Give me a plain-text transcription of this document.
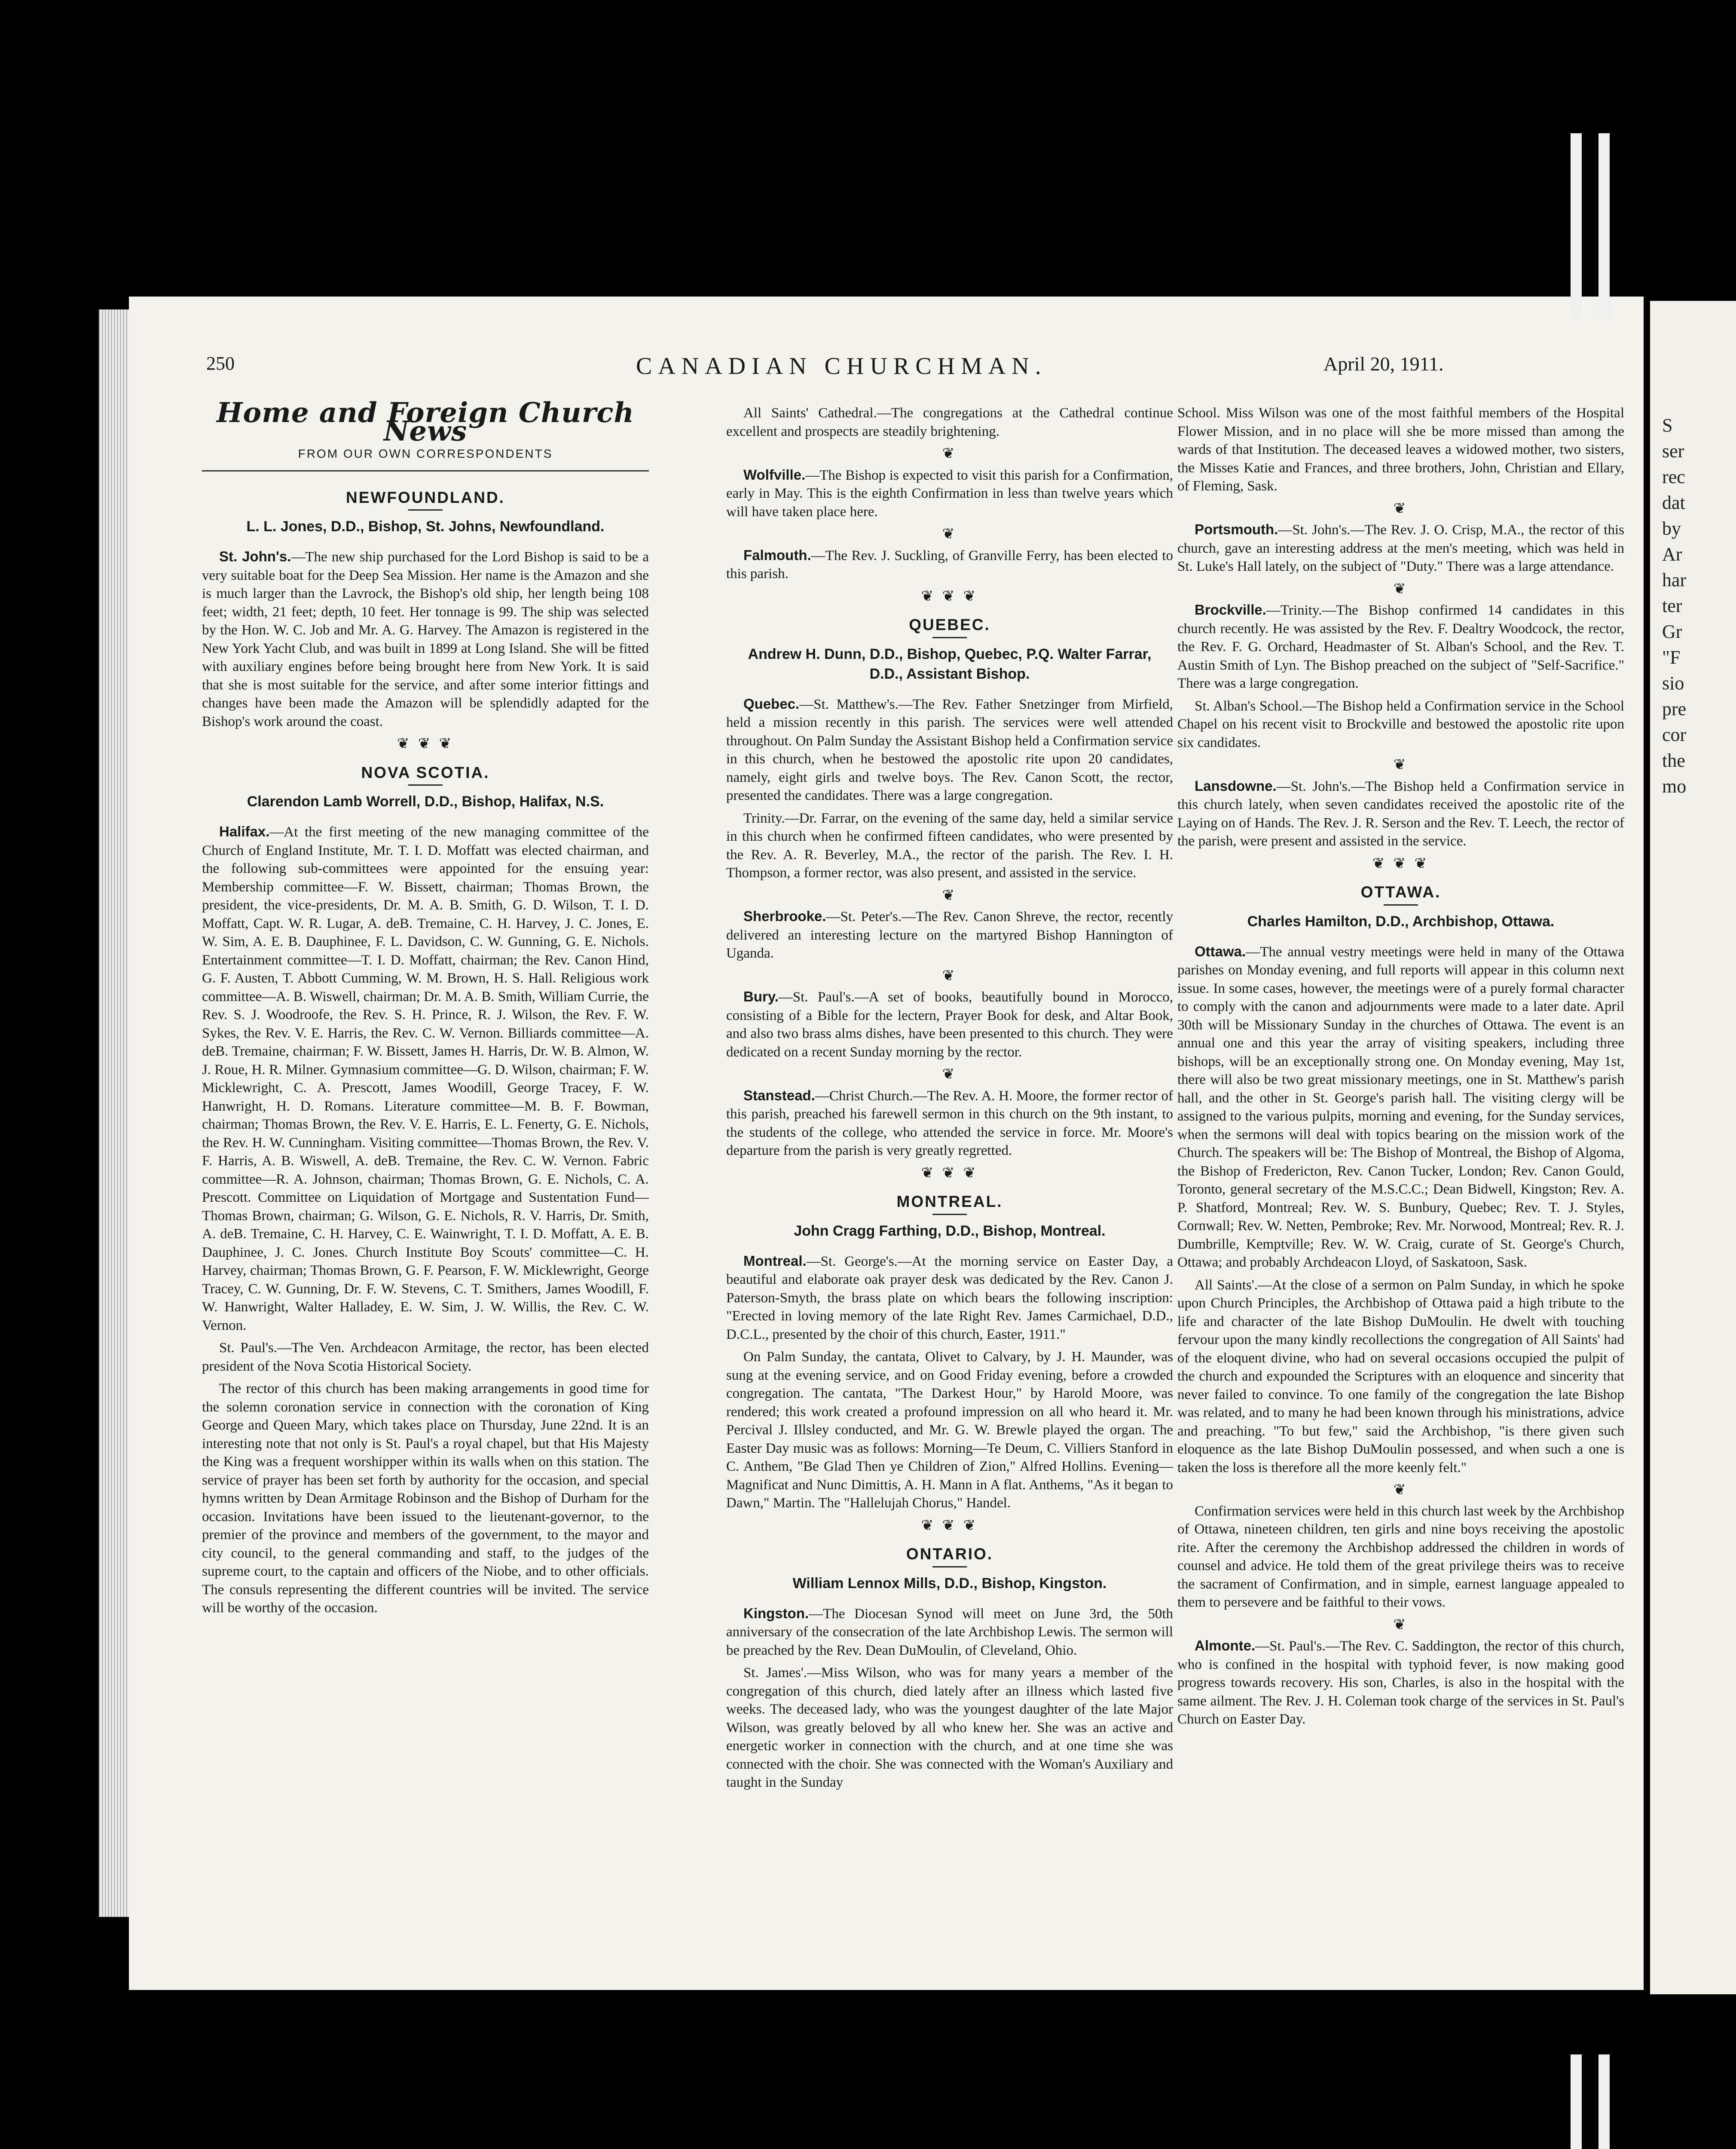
S
ser
rec
dat
by
Ar
har
ter
Gr
"F
sio
pre
cor
the
mo
250	CANADIAN CHURCHMAN.	April 20, 1911.
Home and Foreign Church News
FROM OUR OWN CORRESPONDENTS
NEWFOUNDLAND.
L. L. Jones, D.D., Bishop, St. Johns, Newfoundland.

St. John's.—The new ship purchased for the Lord Bishop is said to be a very suitable boat for the Deep Sea Mission. Her name is the Amazon and she is much larger than the Lavrock, the Bishop's old ship, her length being 108 feet; width, 21 feet; depth, 10 feet. Her tonnage is 99. The ship was selected by the Hon. W. C. Job and Mr. A. G. Harvey. The Amazon is registered in the New York Yacht Club, and was built in 1899 at Long Island. She will be fitted with auxiliary engines before being brought here from New York. It is said that she is most suitable for the service, and after some interior fittings and changes have been made the Amazon will be splendidly adapted for the Bishop's work around the coast.

❦ ❦ ❦
NOVA SCOTIA.
Clarendon Lamb Worrell, D.D., Bishop, Halifax, N.S.

Halifax.—At the first meeting of the new managing committee of the Church of England Institute, Mr. T. I. D. Moffatt was elected chairman, and the following sub-committees were appointed for the ensuing year: Membership committee—F. W. Bissett, chairman; Thomas Brown, the president, the vice-presidents, Dr. M. A. B. Smith, G. D. Wilson, T. I. D. Moffatt, Capt. W. R. Lugar, A. deB. Tremaine, C. H. Harvey, J. C. Jones, E. W. Sim, A. E. B. Dauphinee, F. L. Davidson, C. W. Gunning, G. E. Nichols. Entertainment committee—T. I. D. Moffatt, chairman; the Rev. Canon Hind, G. F. Austen, T. Abbott Cumming, W. M. Brown, H. S. Hall. Religious work committee—A. B. Wiswell, chairman; Dr. M. A. B. Smith, William Currie, the Rev. S. J. Woodroofe, the Rev. S. H. Prince, R. J. Wilson, the Rev. F. W. Sykes, the Rev. V. E. Harris, the Rev. C. W. Vernon. Billiards committee—A. deB. Tremaine, chairman; F. W. Bissett, James H. Harris, Dr. W. B. Almon, W. J. Roue, H. R. Milner. Gymnasium committee—G. D. Wilson, chairman; F. W. Micklewright, C. A. Prescott, James Woodill, George Tracey, F. W. Hanwright, H. D. Romans. Literature committee—M. B. F. Bowman, chairman; Thomas Brown, the Rev. V. E. Harris, E. L. Fenerty, G. E. Nichols, the Rev. H. W. Cunningham. Visiting committee—Thomas Brown, the Rev. V. F. Harris, A. B. Wiswell, A. deB. Tremaine, the Rev. C. W. Vernon. Fabric committee—R. A. Johnson, chairman; Thomas Brown, G. E. Nichols, C. A. Prescott. Committee on Liquidation of Mortgage and Sustentation Fund—Thomas Brown, chairman; G. Wilson, G. E. Nichols, R. V. Harris, Dr. Smith, A. deB. Tremaine, C. H. Harvey, C. E. Wainwright, T. I. D. Moffatt, A. E. B. Dauphinee, J. C. Jones. Church Institute Boy Scouts' committee—C. H. Harvey, chairman; Thomas Brown, G. F. Pearson, F. W. Micklewright, George Tracey, C. W. Gunning, Dr. F. W. Stevens, C. T. Smithers, James Woodill, F. W. Hanwright, Walter Halladey, E. W. Sim, J. W. Willis, the Rev. C. W. Vernon.

St. Paul's.—The Ven. Archdeacon Armitage, the rector, has been elected president of the Nova Scotia Historical Society.

The rector of this church has been making arrangements in good time for the solemn coronation service in connection with the coronation of King George and Queen Mary, which takes place on Thursday, June 22nd. It is an interesting note that not only is St. Paul's a royal chapel, but that His Majesty the King was a frequent worshipper within its walls when on this station. The service of prayer has been set forth by authority for the occasion, and special hymns written by Dean Armitage Robinson and the Bishop of Durham for the occasion. Invitations have been issued to the lieutenant-governor, to the premier of the province and members of the government, to the mayor and city council, to the general commanding and staff, to the judges of the supreme court, to the captain and officers of the Niobe, and to other officials. The consuls representing the different countries will be invited. The service will be worthy of the occasion.

All Saints' Cathedral.—The congregations at the Cathedral continue excellent and prospects are steadily brightening.

❦

Wolfville.—The Bishop is expected to visit this parish for a Confirmation, early in May. This is the eighth Confirmation in less than twelve years which will have taken place here.

❦

Falmouth.—The Rev. J. Suckling, of Granville Ferry, has been elected to this parish.

❦ ❦ ❦
QUEBEC.
Andrew H. Dunn, D.D., Bishop, Quebec, P.Q. Walter Farrar, D.D., Assistant Bishop.

Quebec.—St. Matthew's.—The Rev. Father Snetzinger from Mirfield, held a mission recently in this parish. The services were well attended throughout. On Palm Sunday the Assistant Bishop held a Confirmation service in this church, when he bestowed the apostolic rite upon 20 candidates, namely, eight girls and twelve boys. The Rev. Canon Scott, the rector, presented the candidates. There was a large congregation.

Trinity.—Dr. Farrar, on the evening of the same day, held a similar service in this church when he confirmed fifteen candidates, who were presented by the Rev. A. R. Beverley, M.A., the rector of the parish. The Rev. I. H. Thompson, a former rector, was also present, and assisted in the service.

❦

Sherbrooke.—St. Peter's.—The Rev. Canon Shreve, the rector, recently delivered an interesting lecture on the martyred Bishop Hannington of Uganda.

❦

Bury.—St. Paul's.—A set of books, beautifully bound in Morocco, consisting of a Bible for the lectern, Prayer Book for desk, and Altar Book, and also two brass alms dishes, have been presented to this church. They were dedicated on a recent Sunday morning by the rector.

❦

Stanstead.—Christ Church.—The Rev. A. H. Moore, the former rector of this parish, preached his farewell sermon in this church on the 9th instant, to the students of the college, who attended the service in force. Mr. Moore's departure from the parish is very greatly regretted.

❦ ❦ ❦
MONTREAL.
John Cragg Farthing, D.D., Bishop, Montreal.

Montreal.—St. George's.—At the morning service on Easter Day, a beautiful and elaborate oak prayer desk was dedicated by the Rev. Canon J. Paterson-Smyth, the brass plate on which bears the following inscription: "Erected in loving memory of the late Right Rev. James Carmichael, D.D., D.C.L., presented by the choir of this church, Easter, 1911."

On Palm Sunday, the cantata, Olivet to Calvary, by J. H. Maunder, was sung at the evening service, and on Good Friday evening, before a crowded congregation. The cantata, "The Darkest Hour," by Harold Moore, was rendered; this work created a profound impression on all who heard it. Mr. Percival J. Illsley conducted, and Mr. G. W. Brewle played the organ. The Easter Day music was as follows: Morning—Te Deum, C. Villiers Stanford in C. Anthem, "Be Glad Then ye Children of Zion," Alfred Hollins. Evening—Magnificat and Nunc Dimittis, A. H. Mann in A flat. Anthems, "As it began to Dawn," Martin. The "Hallelujah Chorus," Handel.

❦ ❦ ❦
ONTARIO.
William Lennox Mills, D.D., Bishop, Kingston.

Kingston.—The Diocesan Synod will meet on June 3rd, the 50th anniversary of the consecration of the late Archbishop Lewis. The sermon will be preached by the Rev. Dean DuMoulin, of Cleveland, Ohio.

St. James'.—Miss Wilson, who was for many years a member of the congregation of this church, died lately after an illness which lasted five weeks. The deceased lady, who was the youngest daughter of the late Major Wilson, was greatly beloved by all who knew her. She was an active and energetic worker in connection with the church, and at one time she was connected with the choir. She was connected with the Woman's Auxiliary and taught in the Sunday

School. Miss Wilson was one of the most faithful members of the Hospital Flower Mission, and in no place will she be more missed than among the wards of that Institution. The deceased leaves a widowed mother, two sisters, the Misses Katie and Frances, and three brothers, John, Christian and Ellary, of Fleming, Sask.

❦

Portsmouth.—St. John's.—The Rev. J. O. Crisp, M.A., the rector of this church, gave an interesting address at the men's meeting, which was held in St. Luke's Hall lately, on the subject of "Duty." There was a large attendance.

❦

Brockville.—Trinity.—The Bishop confirmed 14 candidates in this church recently. He was assisted by the Rev. F. Dealtry Woodcock, the rector, the Rev. F. G. Orchard, Headmaster of St. Alban's School, and the Rev. T. Austin Smith of Lyn. The Bishop preached on the subject of "Self-Sacrifice." There was a large congregation.

St. Alban's School.—The Bishop held a Confirmation service in the School Chapel on his recent visit to Brockville and bestowed the apostolic rite upon six candidates.

❦

Lansdowne.—St. John's.—The Bishop held a Confirmation service in this church lately, when seven candidates received the apostolic rite of the Laying on of Hands. The Rev. J. R. Serson and the Rev. T. Leech, the rector of the parish, were present and assisted in the service.

❦ ❦ ❦
OTTAWA.
Charles Hamilton, D.D., Archbishop, Ottawa.

Ottawa.—The annual vestry meetings were held in many of the Ottawa parishes on Monday evening, and full reports will appear in this column next issue. In some cases, however, the meetings were of a purely formal character to comply with the canon and adjournments were made to a later date. April 30th will be Missionary Sunday in the churches of Ottawa. The event is an annual one and this year the array of visiting speakers, including three bishops, will be an exceptionally strong one. On Monday evening, May 1st, there will also be two great missionary meetings, one in St. Matthew's parish hall, and the other in St. George's parish hall. The visiting clergy will be assigned to the various pulpits, morning and evening, for the Sunday services, when the sermons will deal with topics bearing on the mission work of the Church. The speakers will be: The Bishop of Montreal, the Bishop of Algoma, the Bishop of Fredericton, Rev. Canon Tucker, London; Rev. Canon Gould, Toronto, general secretary of the M.S.C.C.; Dean Bidwell, Kingston; Rev. A. P. Shatford, Montreal; Rev. W. S. Bunbury, Quebec; Rev. T. J. Styles, Cornwall; Rev. W. Netten, Pembroke; Rev. Mr. Norwood, Montreal; Rev. R. J. Dumbrille, Kemptville; Rev. W. W. Craig, curate of St. George's Church, Ottawa; and probably Archdeacon Lloyd, of Saskatoon, Sask.

All Saints'.—At the close of a sermon on Palm Sunday, in which he spoke upon Church Principles, the Archbishop of Ottawa paid a high tribute to the life and character of the late Bishop DuMoulin. He dwelt with touching fervour upon the many kindly recollections the congregation of All Saints' had of the eloquent divine, who had on several occasions occupied the pulpit of the church and expounded the Scriptures with an eloquence and sincerity that never failed to convince. To one family of the congregation the late Bishop was related, and to many he had been known through his ministrations, advice and preaching. "To but few," said the Archbishop, "is there given such eloquence as the late Bishop DuMoulin possessed, and when such a one is taken the loss is therefore all the more keenly felt."

❦

Confirmation services were held in this church last week by the Archbishop of Ottawa, nineteen children, ten girls and nine boys receiving the apostolic rite. After the ceremony the Archbishop addressed the children in words of counsel and advice. He told them of the great privilege theirs was to receive the sacrament of Confirmation, and in simple, earnest language appealed to them to persevere and be faithful to their vows.

❦

Almonte.—St. Paul's.—The Rev. C. Saddington, the rector of this church, who is confined in the hospital with typhoid fever, is now making good progress towards recovery. His son, Charles, is also in the hospital with the same ailment. The Rev. J. H. Coleman took charge of the services in St. Paul's Church on Easter Day.
